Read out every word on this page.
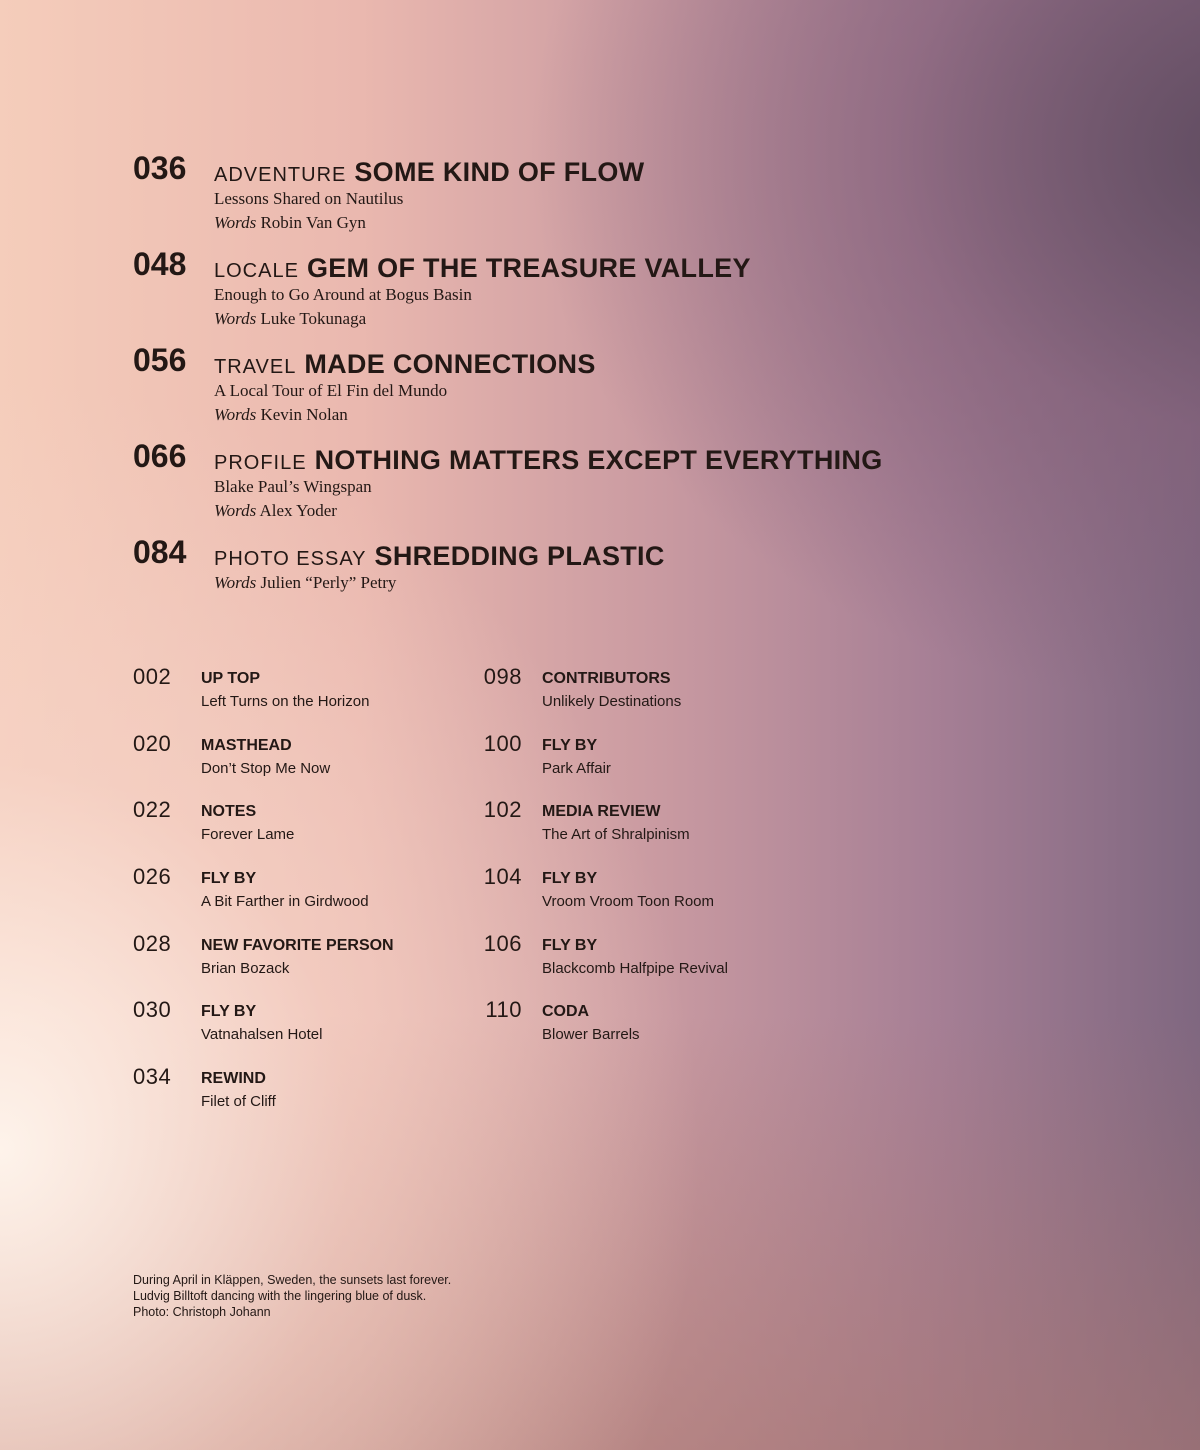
036 ADVENTURE SOME KIND OF FLOW
Lessons Shared on Nautilus
Words Robin Van Gyn
048 LOCALE GEM OF THE TREASURE VALLEY
Enough to Go Around at Bogus Basin
Words Luke Tokunaga
056 TRAVEL MADE CONNECTIONS
A Local Tour of El Fin del Mundo
Words Kevin Nolan
066 PROFILE NOTHING MATTERS EXCEPT EVERYTHING
Blake Paul’s Wingspan
Words Alex Yoder
084 PHOTO ESSAY SHREDDING PLASTIC
Words Julien “Perly” Petry
002 UP TOP
Left Turns on the Horizon
020 MASTHEAD
Don’t Stop Me Now
022 NOTES
Forever Lame
026 FLY BY
A Bit Farther in Girdwood
028 NEW FAVORITE PERSON
Brian Bozack
030 FLY BY
Vatnahalsen Hotel
034 REWIND
Filet of Cliff
098 CONTRIBUTORS
Unlikely Destinations
100 FLY BY
Park Affair
102 MEDIA REVIEW
The Art of Shralpinism
104 FLY BY
Vroom Vroom Toon Room
106 FLY BY
Blackcomb Halfpipe Revival
110 CODA
Blower Barrels
During April in Kläppen, Sweden, the sunsets last forever.
Ludvig Billtoft dancing with the lingering blue of dusk.
Photo: Christoph Johann
